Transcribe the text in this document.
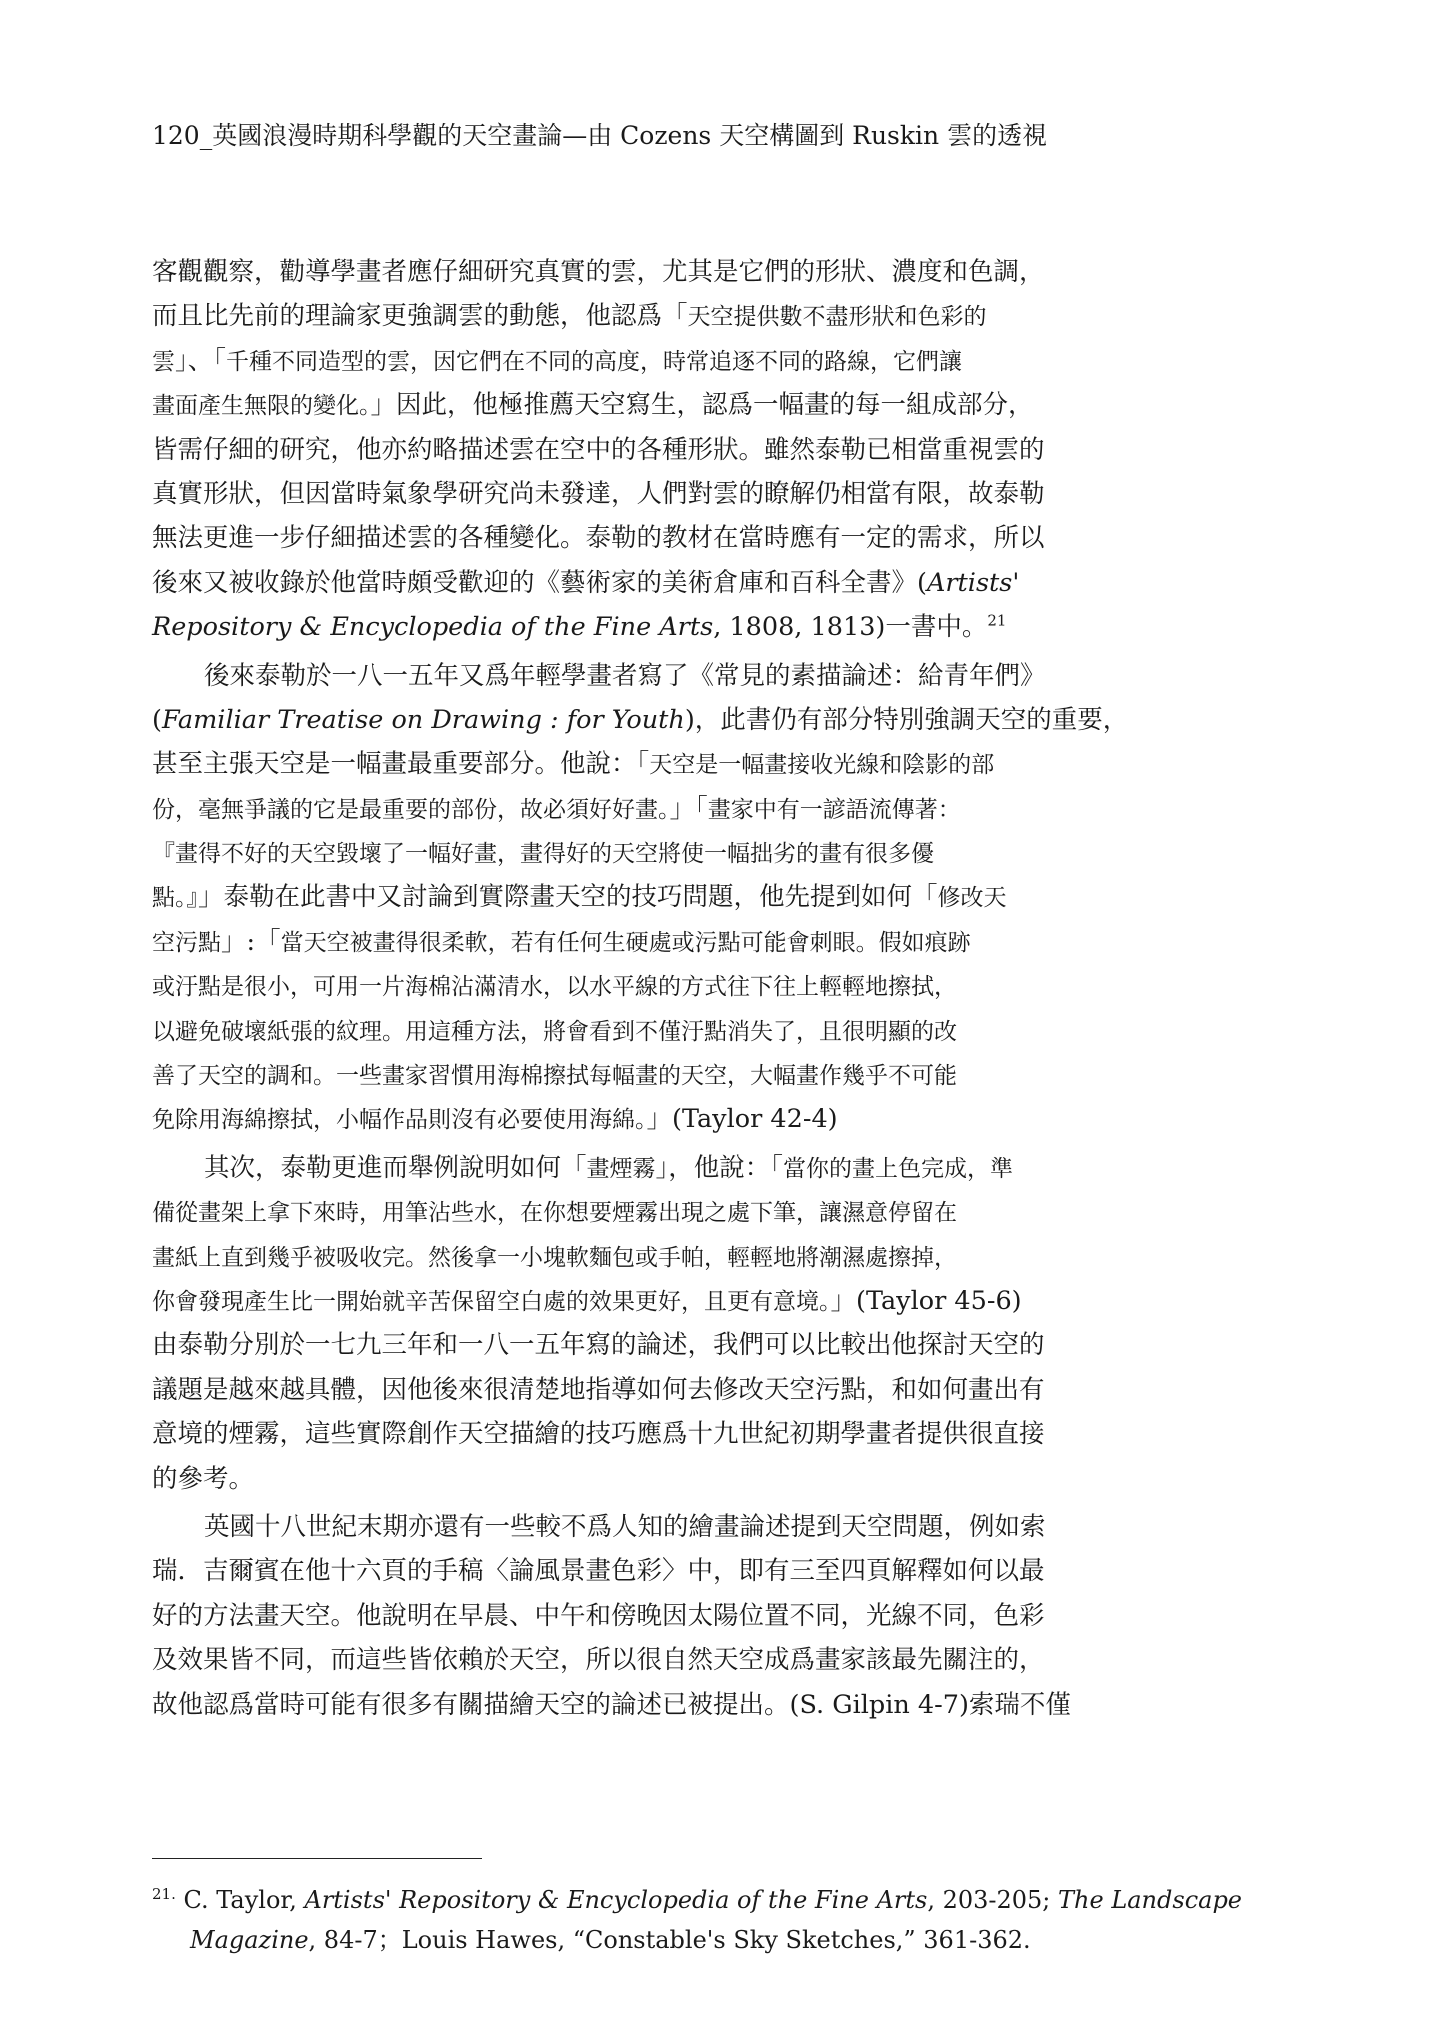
120_英國浪漫時期科學觀的天空畫論—由 Cozens 天空構圖到 Ruskin 雲的透視
客觀觀察，勸導學畫者應仔細研究真實的雲，尤其是它們的形狀、濃度和色調，
而且比先前的理論家更強調雲的動態，他認爲「天空提供數不盡形狀和色彩的
雲」、「千種不同造型的雲，因它們在不同的高度，時常追逐不同的路線，它們讓
畫面產生無限的變化。」因此，他極推薦天空寫生，認爲一幅畫的每一組成部分，
皆需仔細的研究，他亦約略描述雲在空中的各種形狀。雖然泰勒已相當重視雲的
真實形狀，但因當時氣象學研究尚未發達，人們對雲的瞭解仍相當有限，故泰勒
無法更進一步仔細描述雲的各種變化。泰勒的教材在當時應有一定的需求，所以
後來又被收錄於他當時頗受歡迎的《藝術家的美術倉庫和百科全書》(Artists'
Repository & Encyclopedia of the Fine Arts, 1808, 1813)一書中。$^{21}$
後來泰勒於一八一五年又爲年輕學畫者寫了《常見的素描論述：給青年們》
(Familiar Treatise on Drawing : for Youth)，此書仍有部分特別強調天空的重要，
甚至主張天空是一幅畫最重要部分。他說：「天空是一幅畫接收光線和陰影的部
份，毫無爭議的它是最重要的部份，故必須好好畫。」「畫家中有一諺語流傳著：
『畫得不好的天空毀壞了一幅好畫，畫得好的天空將使一幅拙劣的畫有很多優
點。』」泰勒在此書中又討論到實際畫天空的技巧問題，他先提到如何「修改天
空污點」:「當天空被畫得很柔軟，若有任何生硬處或污點可能會刺眼。假如痕跡
或汙點是很小，可用一片海棉沾滿清水，以水平線的方式往下往上輕輕地擦拭，
以避免破壞紙張的紋理。用這種方法，將會看到不僅汙點消失了，且很明顯的改
善了天空的調和。一些畫家習慣用海棉擦拭每幅畫的天空，大幅畫作幾乎不可能
免除用海綿擦拭，小幅作品則沒有必要使用海綿。」(Taylor 42-4)
其次，泰勒更進而舉例說明如何「畫煙霧」，他說：「當你的畫上色完成，準
備從畫架上拿下來時，用筆沾些水，在你想要煙霧出現之處下筆，讓濕意停留在
畫紙上直到幾乎被吸收完。然後拿一小塊軟麵包或手帕，輕輕地將潮濕處擦掉，
你會發現產生比一開始就辛苦保留空白處的效果更好，且更有意境。」(Taylor 45-6)
由泰勒分別於一七九三年和一八一五年寫的論述，我們可以比較出他探討天空的
議題是越來越具體，因他後來很清楚地指導如何去修改天空污點，和如何畫出有
意境的煙霧，這些實際創作天空描繪的技巧應爲十九世紀初期學畫者提供很直接
的參考。
英國十八世紀末期亦還有一些較不爲人知的繪畫論述提到天空問題，例如索
瑞．吉爾賓在他十六頁的手稿〈論風景畫色彩〉中，即有三至四頁解釋如何以最
好的方法畫天空。他說明在早晨、中午和傍晚因太陽位置不同，光線不同，色彩
及效果皆不同，而這些皆依賴於天空，所以很自然天空成爲畫家該最先關注的，
故他認爲當時可能有很多有關描繪天空的論述已被提出。(S. Gilpin 4-7)索瑞不僅
$^{21.}$ C. Taylor, Artists' Repository & Encyclopedia of the Fine Arts, 203-205; The Landscape
Magazine, 84-7；Louis Hawes, “Constable's Sky Sketches,” 361-362.
